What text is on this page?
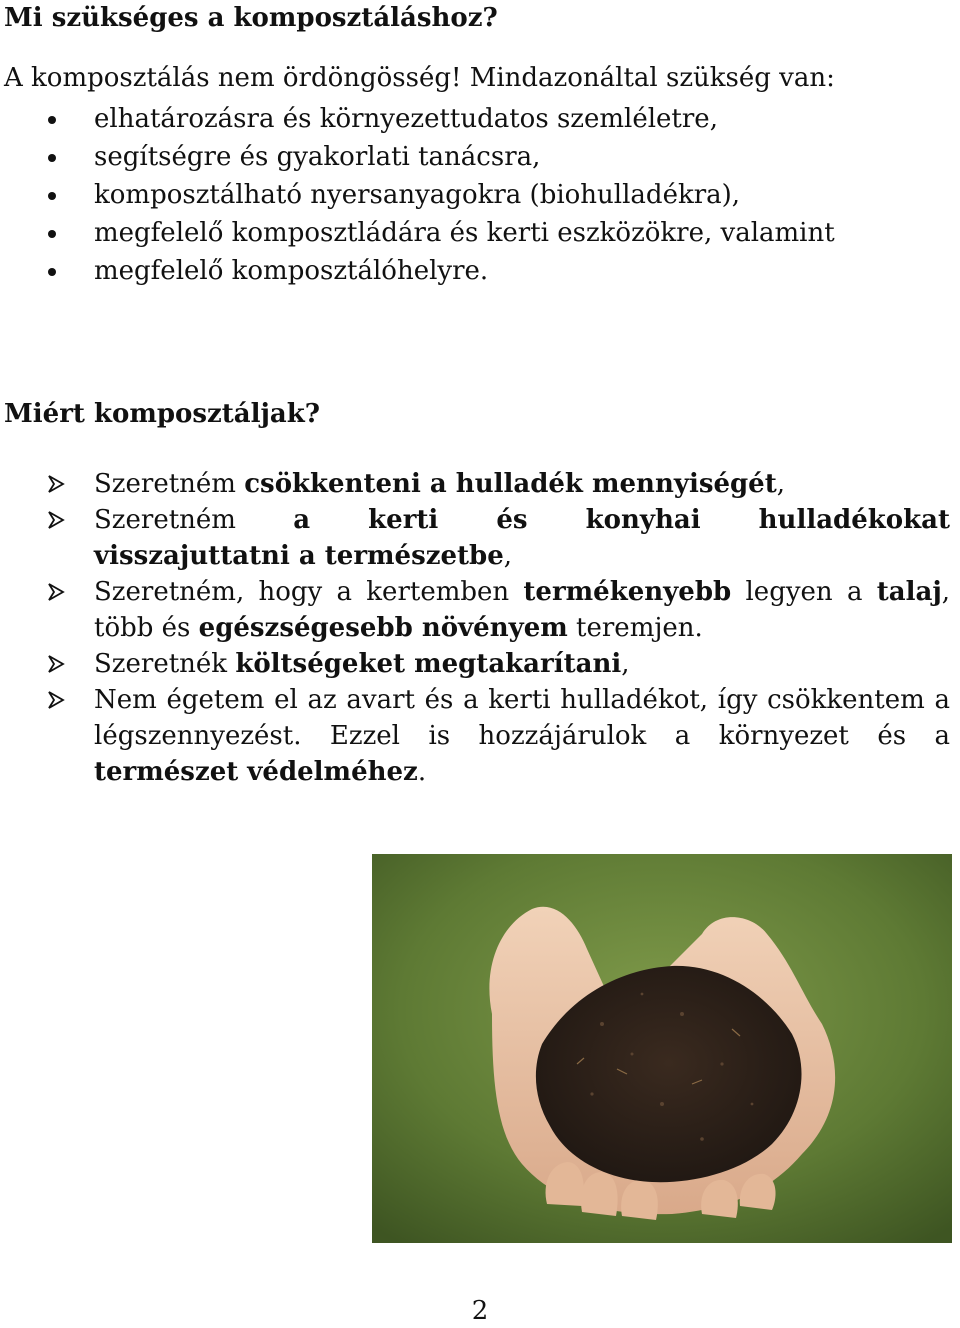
Mi szükséges a komposztáláshoz?

A komposztálás nem ördöngösség! Mindazonáltal szükség van:

elhatározásra és környezettudatos szemléletre,
segítségre és gyakorlati tanácsra,
komposztálható nyersanyagokra (biohulladékra),
megfelelő komposztládára és kerti eszközökre, valamint
megfelelő komposztálóhelyre.
Miért komposztáljak?
Szeretném csökkenteni a hulladék mennyiségét,
Szeretném a kerti és konyhai hulladékokat
visszajuttatni a természetbe,
Szeretném, hogy a kertemben termékenyebb legyen a talaj,
több és egészségesebb növényem teremjen.
Szeretnék költségeket megtakarítani,
Nem égetem el az avart és a kerti hulladékot, így csökkentem a
légszennyezést. Ezzel is hozzájárulok a környezet és a
természet védelméhez.
2
